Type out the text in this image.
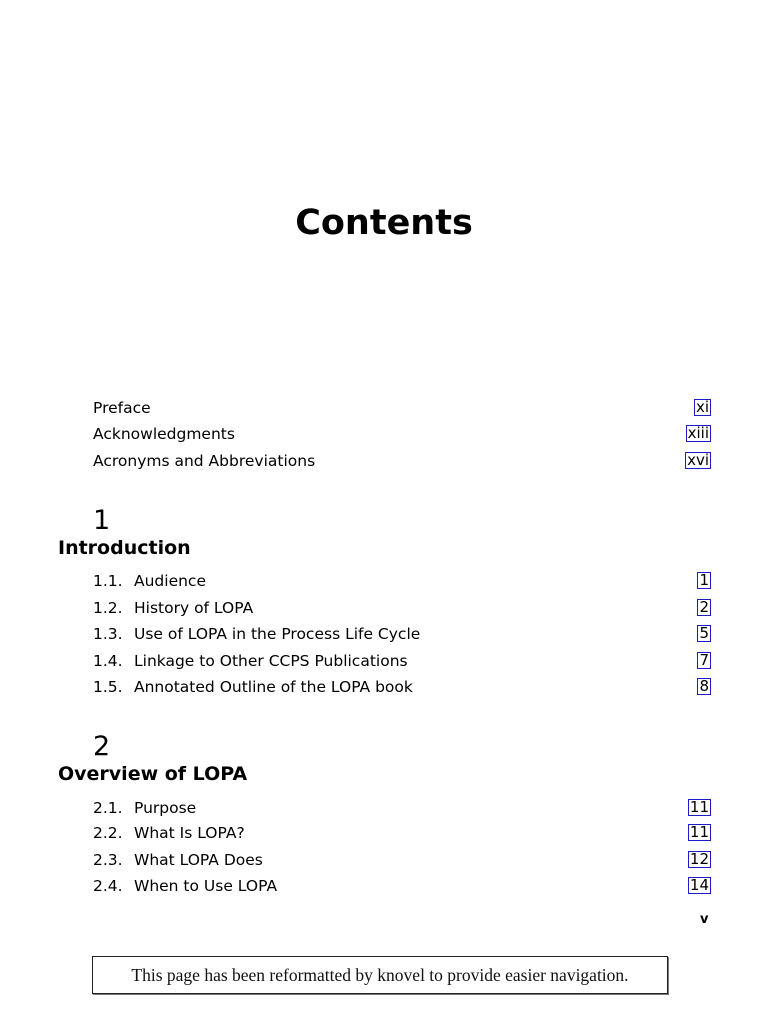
Contents
Preface	xi
Acknowledgments	xiii
Acronyms and Abbreviations	xvi
1
Introduction
1.1. Audience	1
1.2. History of LOPA	2
1.3. Use of LOPA in the Process Life Cycle	5
1.4. Linkage to Other CCPS Publications	7
1.5. Annotated Outline of the LOPA book	8
2
Overview of LOPA
2.1. Purpose	11
2.2. What Is LOPA?	11
2.3. What LOPA Does	12
2.4. When to Use LOPA	14
v
This page has been reformatted by knovel to provide easier navigation.
